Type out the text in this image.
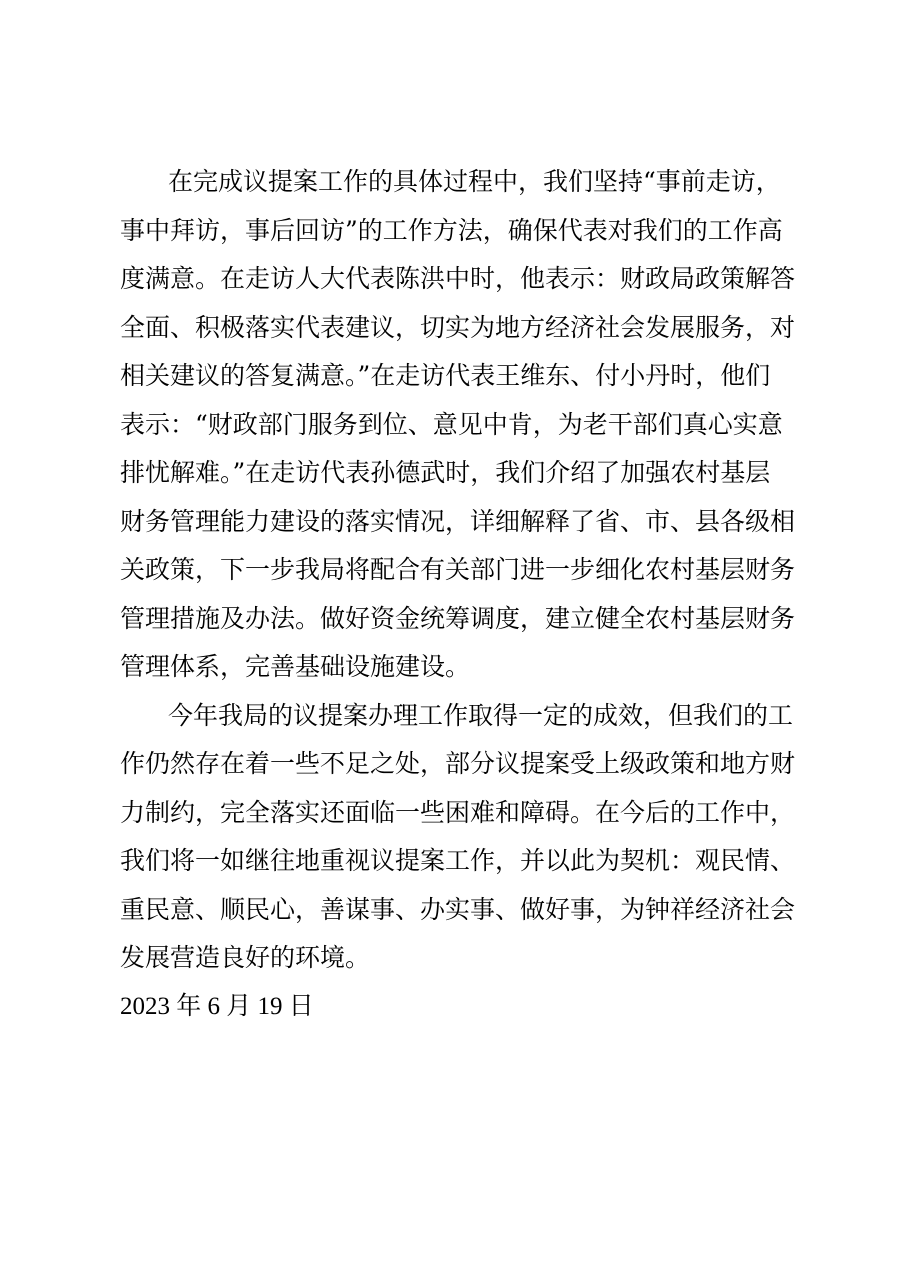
在完成议提案工作的具体过程中，我们坚持“事前走访，
事中拜访，事后回访”的工作方法，确保代表对我们的工作高
度满意。在走访人大代表陈洪中时，他表示：财政局政策解答
全面、积极落实代表建议，切实为地方经济社会发展服务，对
相关建议的答复满意。”在走访代表王维东、付小丹时，他们
表示：“财政部门服务到位、意见中肯，为老干部们真心实意
排忧解难。”在走访代表孙德武时，我们介绍了加强农村基层
财务管理能力建设的落实情况，详细解释了省、市、县各级相
关政策，下一步我局将配合有关部门进一步细化农村基层财务
管理措施及办法。做好资金统筹调度，建立健全农村基层财务
管理体系，完善基础设施建设。
今年我局的议提案办理工作取得一定的成效，但我们的工
作仍然存在着一些不足之处，部分议提案受上级政策和地方财
力制约，完全落实还面临一些困难和障碍。在今后的工作中，
我们将一如继往地重视议提案工作，并以此为契机：观民情、
重民意、顺民心，善谋事、办实事、做好事，为钟祥经济社会
发展营造良好的环境。
2023 年 6 月 19 日
